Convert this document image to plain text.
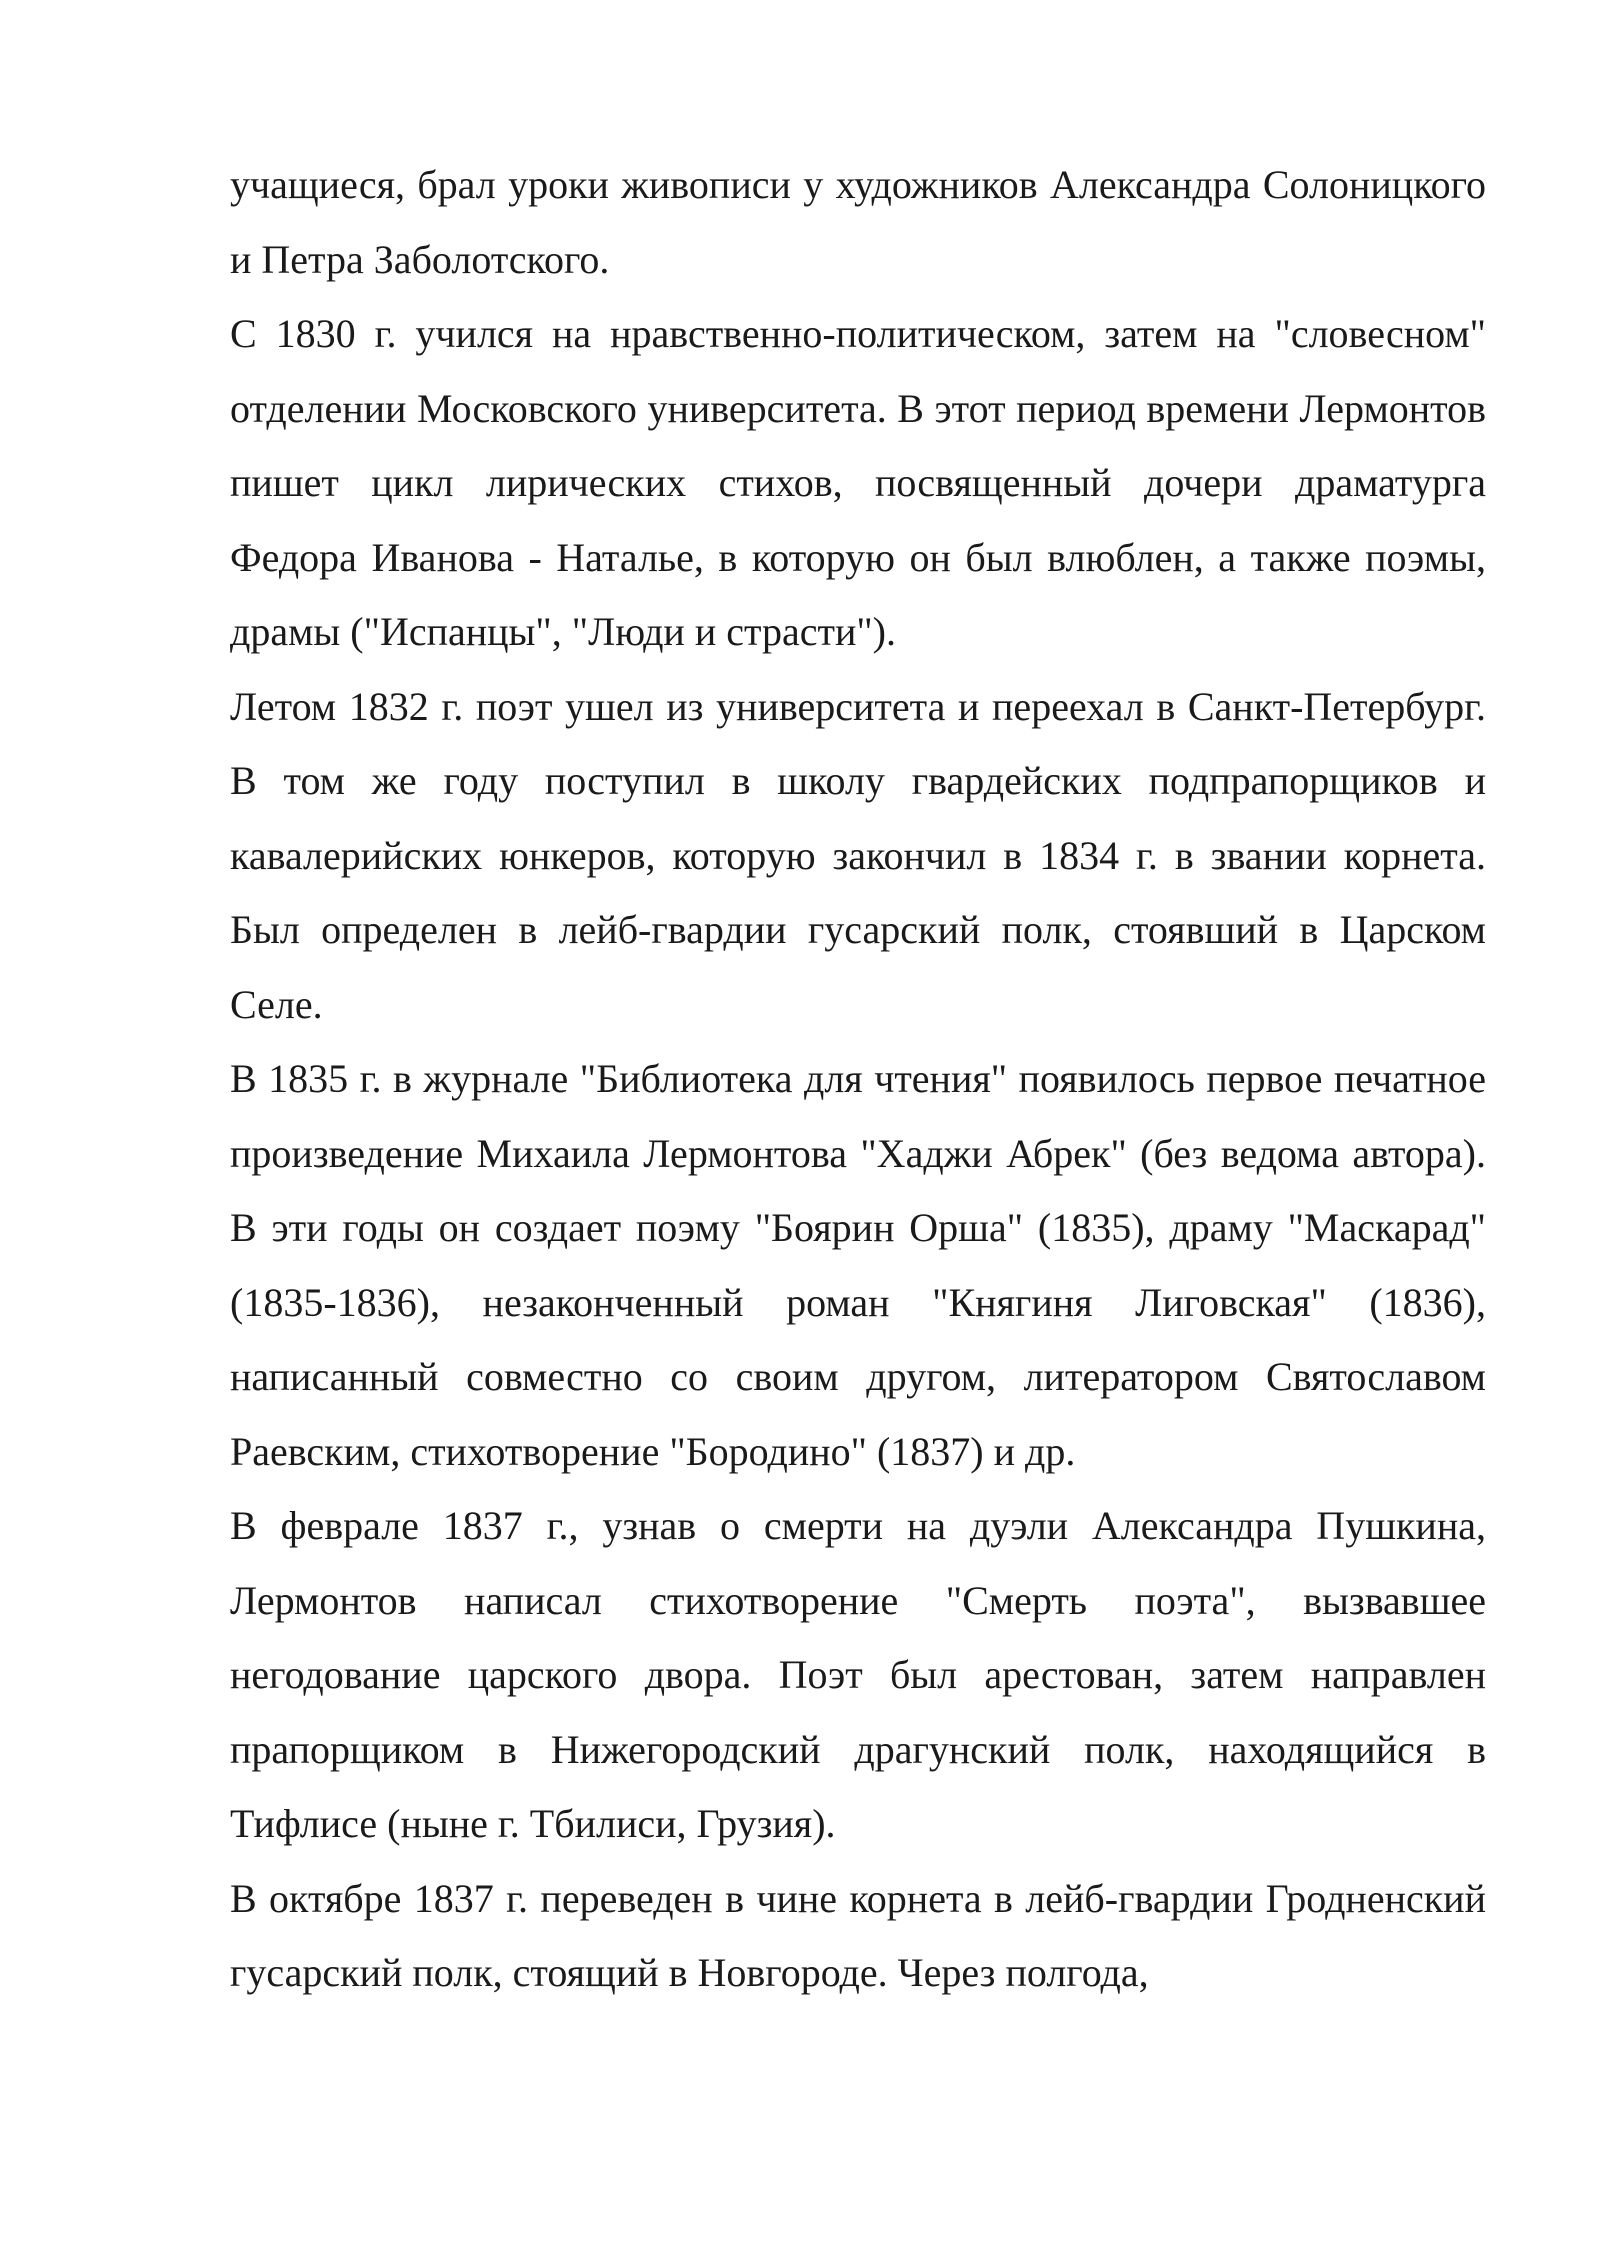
учащиеся, брал уроки живописи у художников Александра Солоницкого и Петра Заболотского.

С 1830 г. учился на нравственно-политическом, затем на "словесном" отделении Московского университета. В этот период времени Лермонтов пишет цикл лирических стихов, посвященный дочери драматурга Федора Иванова - Наталье, в которую он был влюблен, а также поэмы, драмы ("Испанцы", "Люди и страсти").

Летом 1832 г. поэт ушел из университета и переехал в Санкт-Петербург. В том же году поступил в школу гвардейских подпрапорщиков и кавалерийских юнкеров, которую закончил в 1834 г. в звании корнета. Был определен в лейб-гвардии гусарский полк, стоявший в Царском Селе.

В 1835 г. в журнале "Библиотека для чтения" появилось первое печатное произведение Михаила Лермонтова "Хаджи Абрек" (без ведома автора). В эти годы он создает поэму "Боярин Орша" (1835), драму "Маскарад" (1835-1836), незаконченный роман "Княгиня Лиговская" (1836), написанный совместно со своим другом, литератором Святославом Раевским, стихотворение "Бородино" (1837) и др.

В феврале 1837 г., узнав о смерти на дуэли Александра Пушкина, Лермонтов написал стихотворение "Смерть поэта", вызвавшее негодование царского двора. Поэт был арестован, затем направлен прапорщиком в Нижегородский драгунский полк, находящийся в Тифлисе (ныне г. Тбилиси, Грузия).

В октябре 1837 г. переведен в чине корнета в лейб-гвардии Гродненский гусарский полк, стоящий в Новгороде. Через полгода,
